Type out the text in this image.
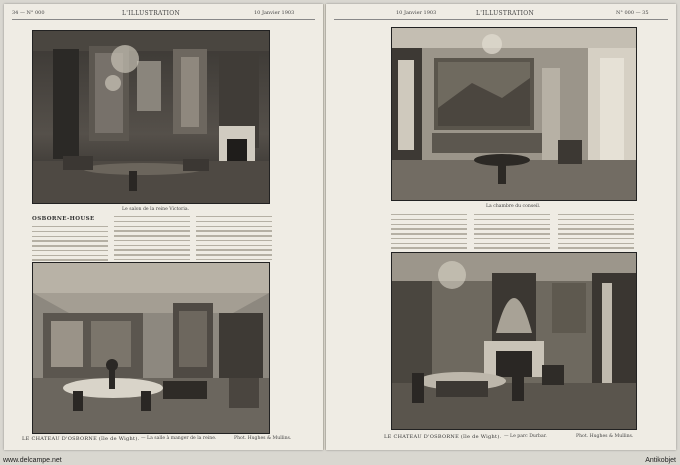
34 — N° 000	L'ILLUSTRATION	10 Janvier 1903
Le salon de la reine Victoria.
OSBORNE-HOUSE
LE CHATEAU D'OSBORNE (île de Wight). — La salle à manger de la reine.	Phot. Hughes & Mullins.
10 Janvier 1903	L'ILLUSTRATION	N° 000 — 35
La chambre du conseil.
LE CHATEAU D'OSBORNE (île de Wight). — Le parc Durbar.	Phot. Hughes & Mullins.
www.delcampe.net	Antikobjet
